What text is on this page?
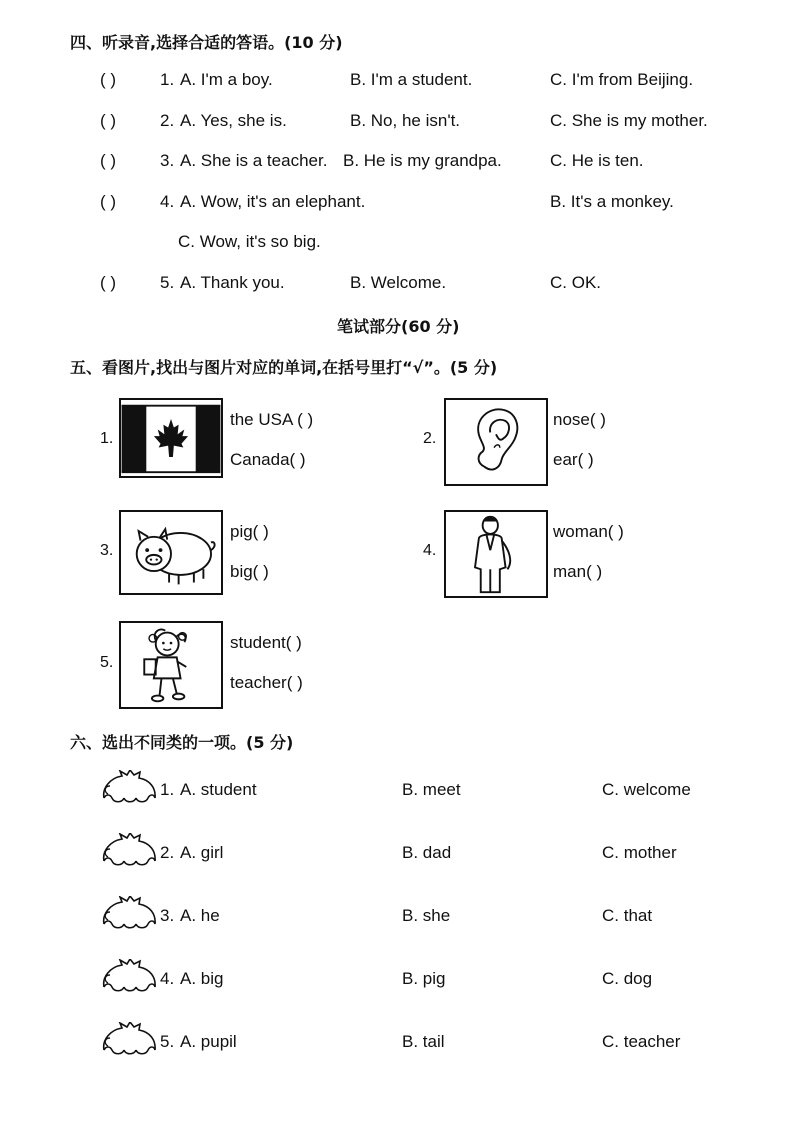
四、听录音,选择合适的答语。(10 分)
( )	1. A. I'm a boy.	B. I'm a student.	C. I'm from Beijing.
( )	2. A. Yes, she is.	B. No, he isn't.	C. She is my mother.
( )	3. A. She is a teacher. B. He is my grandpa.	C. He is ten.
( )	4. A. Wow, it's an elephant.	B. It's a monkey.
C. Wow, it's so big.
( )	5. A. Thank you.	B. Welcome.	C. OK.
笔试部分(60 分)
五、看图片,找出与图片对应的单词,在括号里打“√”。(5 分)
1.
the USA ( )
Canada( )
2.
nose( )
ear( )
3.
pig( )
big( )
4.
woman( )
man( )
5.
student( )
teacher( )
六、选出不同类的一项。(5 分)
1. A. student	B. meet	C. welcome
2. A. girl	B. dad	C. mother
3. A. he	B. she	C. that
4. A. big	B. pig	C. dog
5. A. pupil	B. tail	C. teacher
